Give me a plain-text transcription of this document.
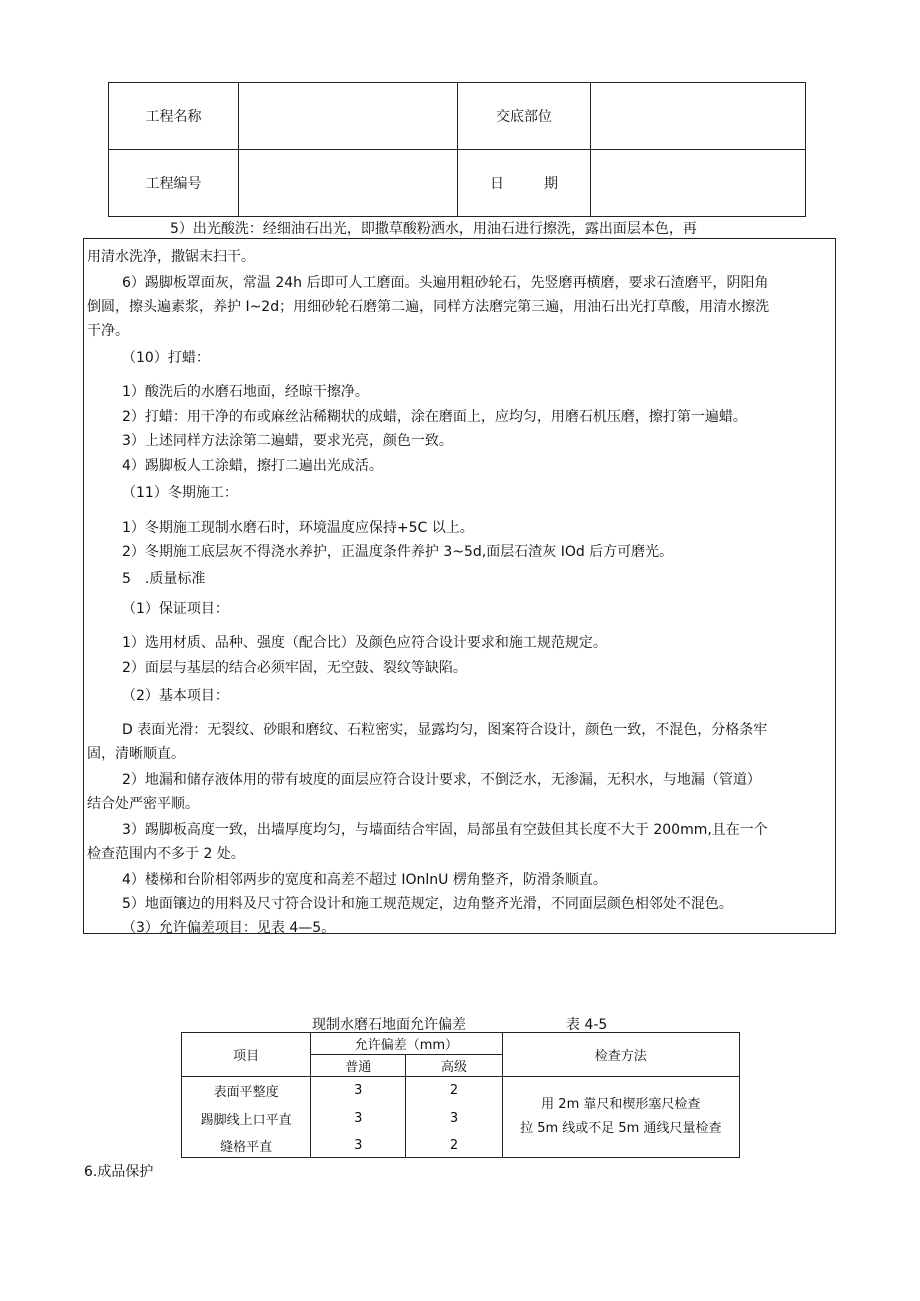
工程名称		交底部位	
工程编号		日 期	
5）出光酸洗：经细油石出光，即撒草酸粉洒水，用油石进行擦洗，露出面层本色，再
用清水洗净，撒锯末扫干。
6）踢脚板罩面灰，常温 24h 后即可人工磨面。头遍用粗砂轮石，先竖磨再横磨，要求石渣磨平，阴阳角
倒圆，擦头遍素浆，养护 I~2d；用细砂轮石磨第二遍，同样方法磨完第三遍，用油石出光打草酸，用清水擦洗
干净。
（10）打蜡：
1）酸洗后的水磨石地面，经晾干擦净。
2）打蜡：用干净的布或麻丝沾稀糊状的成蜡，涂在磨面上，应均匀，用磨石机压磨，擦打第一遍蜡。
3）上述同样方法涂第二遍蜡，要求光亮，颜色一致。
4）踢脚板人工涂蜡，擦打二遍出光成活。
（11）冬期施工：
1）冬期施工现制水磨石时，环境温度应保持+5C 以上。
2）冬期施工底层灰不得浇水养护，正温度条件养护 3~5d,面层石渣灰 IOd 后方可磨光。
5　.质量标准
（1）保证项目：
1）选用材质、品种、强度（配合比）及颜色应符合设计要求和施工规范规定。
2）面层与基层的结合必须牢固，无空鼓、裂纹等缺陷。
（2）基本项目：
D 表面光滑：无裂纹、砂眼和磨纹、石粒密实，显露均匀，图案符合设计，颜色一致，不混色，分格条牢
固，清晰顺直。
2）地漏和储存液体用的带有坡度的面层应符合设计要求，不倒泛水，无渗漏，无积水，与地漏（管道）
结合处严密平顺。
3）踢脚板高度一致，出墙厚度均匀，与墙面结合牢固，局部虽有空鼓但其长度不大于 200mm,且在一个
检查范围内不多于 2 处。
4）楼梯和台阶相邻两步的宽度和高差不超过 IOnlnU 楞角整齐，防滑条顺直。
5）地面镶边的用料及尺寸符合设计和施工规范规定，边角整齐光滑，不同面层颜色相邻处不混色。
（3）允许偏差项目：见表 4—5。
现制水磨石地面允许偏差	表 4-5
项目	允许偏差（mm）		检查方法
	普通	高级	
表面平整度	3	2	用 2m 靠尺和楔形塞尺检查
拉 5m 线或不足 5m 通线尺量检查

踢脚线上口平直	3	3	
缝格平直	3	2	
6.成品保护
